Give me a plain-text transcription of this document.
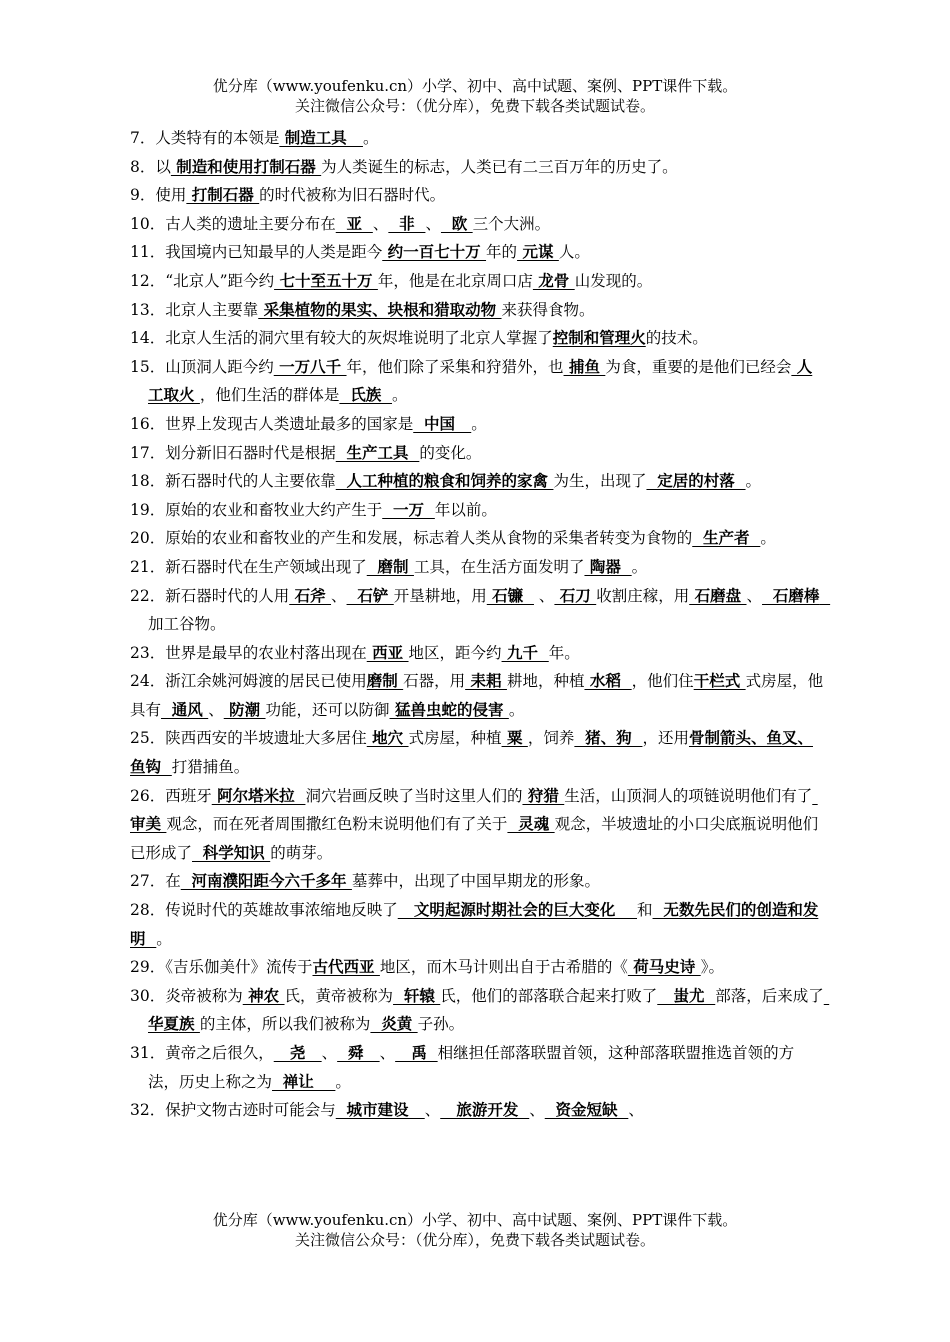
优分库（www.youfenku.cn）小学、初中、高中试题、案例、PPT课件下载。
关注微信公众号：（优分库），免费下载各类试题试卷。

7．人类特有的本领是 制造工具   。

8．以 制造和使用打制石器 为人类诞生的标志，人类已有二三百万年的历史了。

9．使用 打制石器 的时代被称为旧石器时代。

10．古人类的遗址主要分布在  亚  、  非  、  欧 三个大洲。

11．我国境内已知最早的人类是距今 约一百七十万 年的 元谋 人。

12．“北京人”距今约 七十至五十万 年，他是在北京周口店 龙骨 山发现的。

13．北京人主要靠 采集植物的果实、块根和猎取动物 来获得食物。

14．北京人生活的洞穴里有较大的灰烬堆说明了北京人掌握了控制和管理火的技术。

15．山顶洞人距今约 一万八千 年，他们除了采集和狩猎外，也 捕鱼 为食，重要的是他们已经会 人工取火 ，他们生活的群体是  氏族  。

16．世界上发现古人类遗址最多的国家是  中国   。

17．划分新旧石器时代是根据  生产工具  的变化。

18．新石器时代的人主要依靠  人工种植的粮食和饲养的家禽 为生，出现了  定居的村落  。

19．原始的农业和畜牧业大约产生于  一万  年以前。

20．原始的农业和畜牧业的产生和发展，标志着人类从食物的采集者转变为食物的  生产者  。

21．新石器时代在生产领域出现了  磨制 工具，在生活方面发明了 陶器  。

22．新石器时代的人用 石斧 、  石铲 开垦耕地，用 石镰   、 石刀 收割庄稼，用 石磨盘 、  石磨棒  加工谷物。

23．世界是最早的农业村落出现在 西亚 地区，距今约 九千  年。

24．浙江余姚河姆渡的居民已使用磨制 石器，用 耒耜 耕地，种植 水稻  ，他们住干栏式 式房屋，他具有  通风 、 防潮 功能，还可以防御 猛兽虫蛇的侵害 。

25．陕西西安的半坡遗址大多居住 地穴 式房屋，种植 粟 ，饲养  猪、狗  ，还用骨制箭头、鱼叉、鱼钩  打猎捕鱼。

26．西班牙 阿尔塔米拉  洞穴岩画反映了当时这里人们的 狩猎 生活，山顶洞人的项链说明他们有了 审美 观念，而在死者周围撒红色粉末说明他们有了关于  灵魂 观念，半坡遗址的小口尖底瓶说明他们已形成了  科学知识 的萌芽。

27．在  河南濮阳距今六千多年 墓葬中，出现了中国早期龙的形象。

28．传说时代的英雄故事浓缩地反映了   文明起源时期社会的巨大变化    和  无数先民们的创造和发明  。

29．《吉乐伽美什》流传于古代西亚 地区，而木马计则出自于古希腊的《 荷马史诗 》。

30．炎帝被称为 神农 氏，黄帝被称为  轩辕 氏，他们的部落联合起来打败了   蚩尤  部落，后来成了 华夏族 的主体，所以我们被称为  炎黄 子孙。

31．黄帝之后很久，   尧   、  舜   、   禹  相继担任部落联盟首领，这种部落联盟推选首领的方法，历史上称之为  禅让    。

32．保护文物古迹时可能会与  城市建设   、   旅游开发  、  资金短缺  、

优分库（www.youfenku.cn）小学、初中、高中试题、案例、PPT课件下载。
关注微信公众号：（优分库），免费下载各类试题试卷。
